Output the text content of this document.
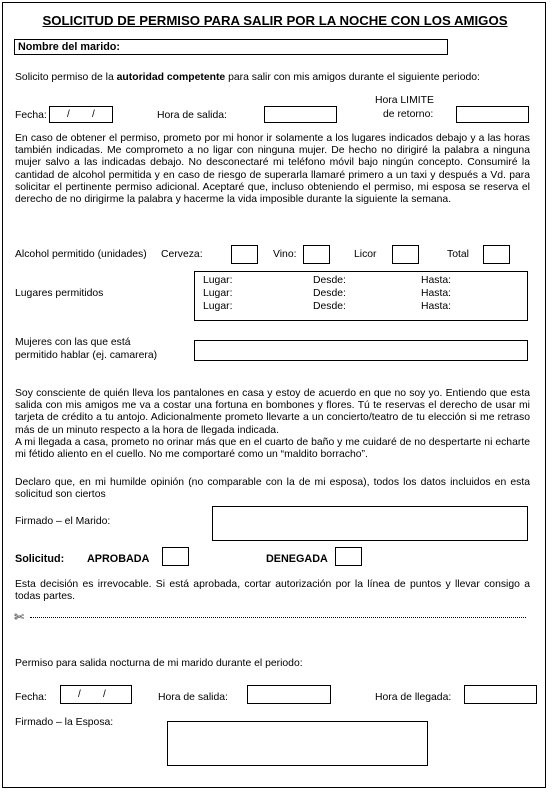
SOLICITUD DE PERMISO PARA SALIR POR LA NOCHE CON LOS AMIGOS
Nombre del marido:
Solicito permiso de la autoridad competente para salir con mis amigos durante el siguiente periodo:
Fecha: / /	Hora de salida:
Hora LIMITE
de retorno:
En caso de obtener el permiso, prometo por mi honor ir solamente a los lugares indicados debajo y a las horas también indicadas. Me comprometo a no ligar con ninguna mujer. De hecho no dirigiré la palabra a ninguna mujer salvo a las indicadas debajo. No desconectaré mi teléfono móvil bajo ningún concepto. Consumiré la cantidad de alcohol permitida y en caso de riesgo de superarla llamaré primero a un taxi y después a Vd. para solicitar el pertinente permiso adicional. Aceptaré que, incluso obteniendo el permiso, mi esposa se reserva el derecho de no dirigirme la palabra y hacerme la vida imposible durante la siguiente la semana.
Alcohol permitido (unidades) Cerveza:	Vino:	Licor	Total
Lugares permitidos
Lugar:	Desde:	Hasta:
Lugar:	Desde:	Hasta:
Lugar:	Desde:	Hasta:
Mujeres con las que está
permitido hablar (ej. camarera)
Soy consciente de quién lleva los pantalones en casa y estoy de acuerdo en que no soy yo. Entiendo que esta salida con mis amigos me va a costar una fortuna en bombones y flores. Tú te reservas el derecho de usar mi tarjeta de crédito a tu antojo. Adicionalmente prometo llevarte a un concierto/teatro de tu elección si me retraso más de un minuto respecto a la hora de llegada indicada.
A mi llegada a casa, prometo no orinar más que en el cuarto de baño y me cuidaré de no despertarte ni echarte mi fétido aliento en el cuello. No me comportaré como un “maldito borracho”.
Declaro que, en mi humilde opinión (no comparable con la de mi esposa), todos los datos incluidos en esta solicitud son ciertos
Firmado – el Marido:
Solicitud: APROBADA	DENEGADA
Esta decisión es irrevocable. Si está aprobada, cortar autorización por la línea de puntos y llevar consigo a todas partes.
✄
Permiso para salida nocturna de mi marido durante el periodo:
Fecha:	/ /	Hora de salida:	Hora de llegada:
Firmado – la Esposa:
